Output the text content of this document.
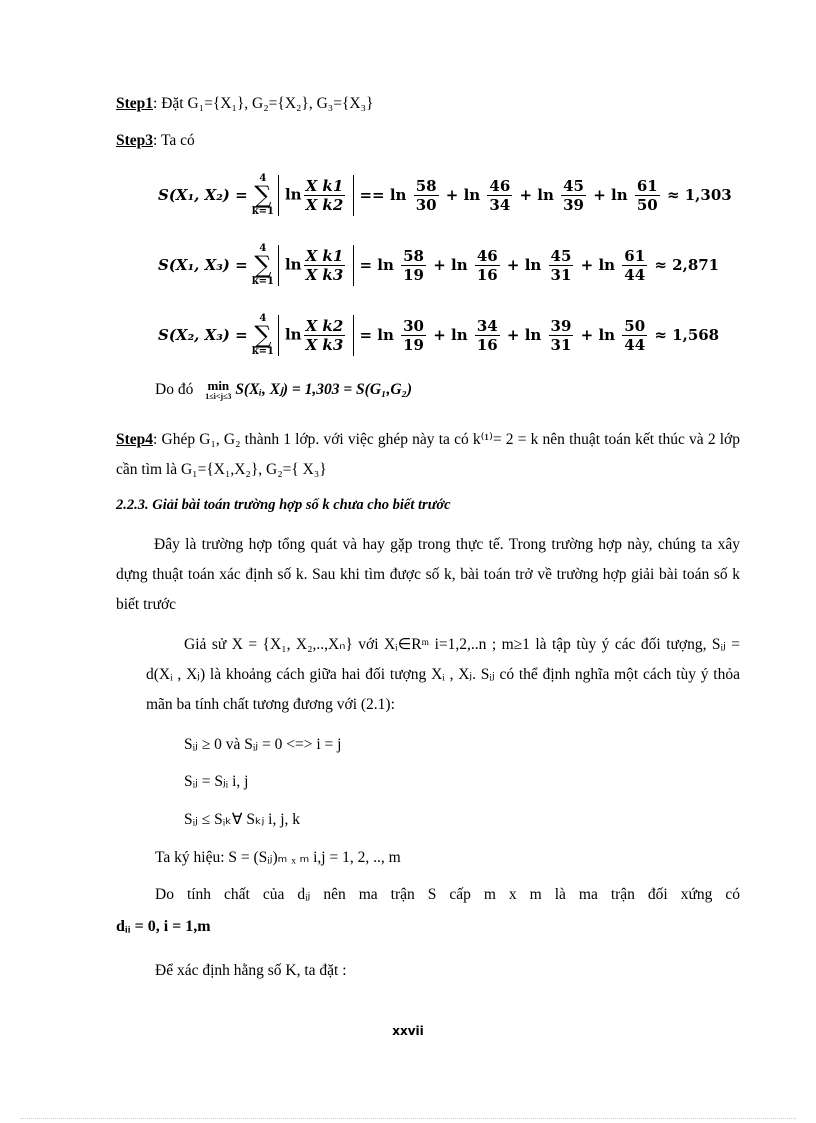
Step1: Đặt G₁={X₁}, G₂={X₂}, G₃={X₃}
Step3: Ta có
S(X₁, X₂) =
4
∑
k=1
$\ln \frac{\text{X k1}}{\text{X k2}} == \ln \frac{58}{30} + \ln \frac{46}{34} + \ln \frac{45}{39} + \ln \frac{61}{50} \approx 1,303$
S(X₁, X₃) =
4
∑
k=1
$\ln \frac{\text{X k1}}{\text{X k3}} = \ln \frac{58}{19} + \ln \frac{46}{16} + \ln \frac{45}{31} + \ln \frac{61}{44} \approx 2,871$
S(X₂, X₃) =
4
∑
k=1
$\ln \frac{\text{X k2}}{\text{X k3}} = \ln \frac{30}{19} + \ln \frac{34}{16} + \ln \frac{39}{31} + \ln \frac{50}{44} \approx 1,568$
Do đó min
1≤i<j≤3 S(Xᵢ, Xⱼ) = 1,303 = S(G₁,G₂)
Step4: Ghép G₁, G₂ thành 1 lớp. với việc ghép này ta có k⁽¹⁾= 2 = k nên thuật toán kết thúc và 2 lớp cần tìm là G₁={X₁,X₂}, G₂={ X₃}
2.2.3. Giải bài toán trường hợp số k chưa cho biết trước
Đây là trường hợp tổng quát và hay gặp trong thực tế. Trong trường hợp này, chúng ta xây dựng thuật toán xác định số k. Sau khi tìm được số k, bài toán trở về trường hợp giải bài toán số k biết trước
Giả sử X = {X₁, X₂,..,Xₙ} với Xᵢ∈Rᵐ i=1,2,..n ; m≥1 là tập tùy ý các đối tượng, Sᵢⱼ = d(Xᵢ , Xⱼ) là khoảng cách giữa hai đối tượng Xᵢ , Xⱼ. Sᵢⱼ có thể định nghĩa một cách tùy ý thỏa mãn ba tính chất tương đương với (2.1):
Sᵢⱼ ≥ 0 và Sᵢⱼ = 0 <=> i = j
Sᵢⱼ = Sⱼᵢ i, j
Sᵢⱼ ≤ Sᵢₖ∀ Sₖⱼ i, j, k
Ta ký hiệu: S = (Sᵢⱼ)ₘ ₓ ₘ i,j = 1, 2, .., m
Do tính chất của dᵢⱼ nên ma trận S cấp m x m là ma trận đối xứng có
dᵢᵢ = 0, i = 1,m
Để xác định hằng số K, ta đặt :
xxvii
